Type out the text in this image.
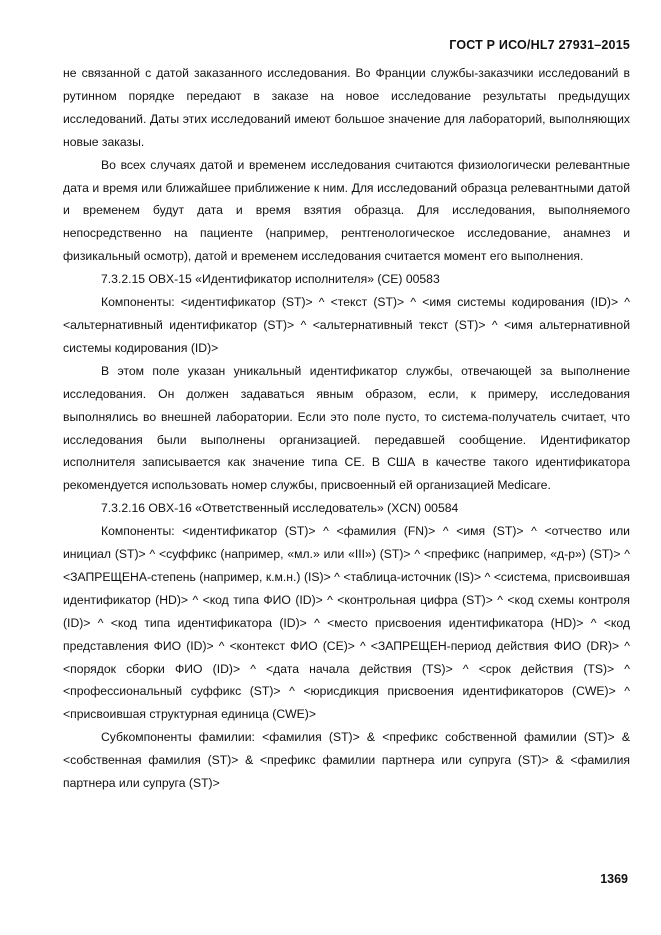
ГОСТ Р ИСО/HL7 27931–2015

не связанной с датой заказанного исследования. Во Франции службы-заказчики исследований в рутинном порядке передают в заказе на новое исследование результаты предыдущих исследований. Даты этих исследований имеют большое значение для лабораторий, выполняющих новые заказы.

Во всех случаях датой и временем исследования считаются физиологически релевантные дата и время или ближайшее приближение к ним. Для исследований образца релевантными датой и временем будут дата и время взятия образца. Для исследования, выполняемого непосредственно на пациенте (например, рентгенологическое исследование, анамнез и физикальный осмотр), датой и временем исследования считается момент его выполнения.

7.3.2.15 OBX-15 «Идентификатор исполнителя» (CE) 00583

Компоненты: <идентификатор (ST)> ^ <текст (ST)> ^ <имя системы кодирования (ID)> ^ <альтернативный идентификатор (ST)> ^ <альтернативный текст (ST)> ^ <имя альтернативной системы кодирования (ID)>

В этом поле указан уникальный идентификатор службы, отвечающей за выполнение исследования. Он должен задаваться явным образом, если, к примеру, исследования выполнялись во внешней лаборатории. Если это поле пусто, то система-получатель считает, что исследования были выполнены организацией. передавшей сообщение. Идентификатор исполнителя записывается как значение типа CE. В США в качестве такого идентификатора рекомендуется использовать номер службы, присвоенный ей организацией Medicare.

7.3.2.16 OBX-16 «Ответственный исследователь» (XCN) 00584

Компоненты: <идентификатор (ST)> ^ <фамилия (FN)> ^ <имя (ST)> ^ <отчество или инициал (ST)> ^ <суффикс (например, «мл.» или «III») (ST)> ^ <префикс (например, «д-р») (ST)> ^ <ЗАПРЕЩЕНА-степень (например, к.м.н.) (IS)> ^ <таблица-источник (IS)> ^ <система, присвоившая идентификатор (HD)> ^ <код типа ФИО (ID)> ^ <контрольная цифра (ST)> ^ <код схемы контроля (ID)> ^ <код типа идентификатора (ID)> ^ <место присвоения идентификатора (HD)> ^ <код представления ФИО (ID)> ^ <контекст ФИО (CE)> ^ <ЗАПРЕЩЕН-период действия ФИО (DR)> ^ <порядок сборки ФИО (ID)> ^ <дата начала действия (TS)> ^ <срок действия (TS)> ^ <профессиональный суффикс (ST)> ^ <юрисдикция присвоения идентификаторов (CWE)> ^ <присвоившая структурная единица (CWE)>

Субкомпоненты фамилии: <фамилия (ST)> & <префикс собственной фамилии (ST)> & <собственная фамилия (ST)> & <префикс фамилии партнера или супруга (ST)> & <фамилия партнера или супруга (ST)>

1369
